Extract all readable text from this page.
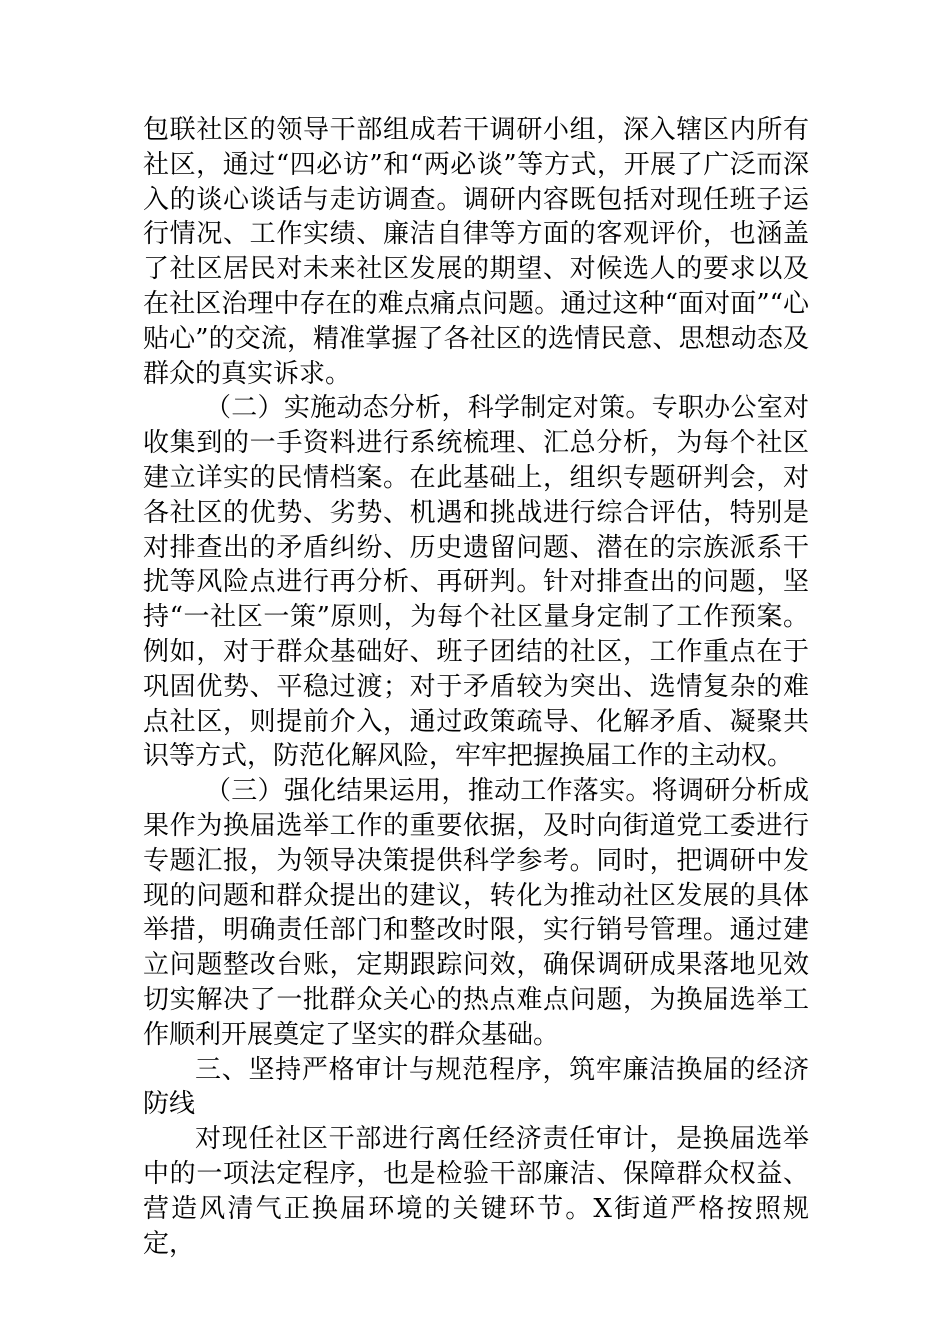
包联社区的领导干部组成若干调研小组，深入辖区内所有社区，通过“四必访”和“两必谈”等方式，开展了广泛而深入的谈心谈话与走访调查。调研内容既包括对现任班子运行情况、工作实绩、廉洁自律等方面的客观评价，也涵盖了社区居民对未来社区发展的期望、对候选人的要求以及在社区治理中存在的难点痛点问题。通过这种“面对面”“心贴心”的交流，精准掌握了各社区的选情民意、思想动态及群众的真实诉求。

（二）实施动态分析，科学制定对策。专职办公室对收集到的一手资料进行系统梳理、汇总分析，为每个社区建立详实的民情档案。在此基础上，组织专题研判会，对各社区的优势、劣势、机遇和挑战进行综合评估，特别是对排查出的矛盾纠纷、历史遗留问题、潜在的宗族派系干扰等风险点进行再分析、再研判。针对排查出的问题，坚持“一社区一策”原则，为每个社区量身定制了工作预案。例如，对于群众基础好、班子团结的社区，工作重点在于巩固优势、平稳过渡；对于矛盾较为突出、选情复杂的难点社区，则提前介入，通过政策疏导、化解矛盾、凝聚共识等方式，防范化解风险，牢牢把握换届工作的主动权。

（三）强化结果运用，推动工作落实。将调研分析成果作为换届选举工作的重要依据，及时向街道党工委进行专题汇报，为领导决策提供科学参考。同时，把调研中发现的问题和群众提出的建议，转化为推动社区发展的具体举措，明确责任部门和整改时限，实行销号管理。通过建立问题整改台账，定期跟踪问效，确保调研成果落地见效切实解决了一批群众关心的热点难点问题，为换届选举工作顺利开展奠定了坚实的群众基础。

三、坚持严格审计与规范程序，筑牢廉洁换届的经济防线

对现任社区干部进行离任经济责任审计，是换届选举中的一项法定程序，也是检验干部廉洁、保障群众权益、营造风清气正换届环境的关键环节。X街道严格按照规定，
